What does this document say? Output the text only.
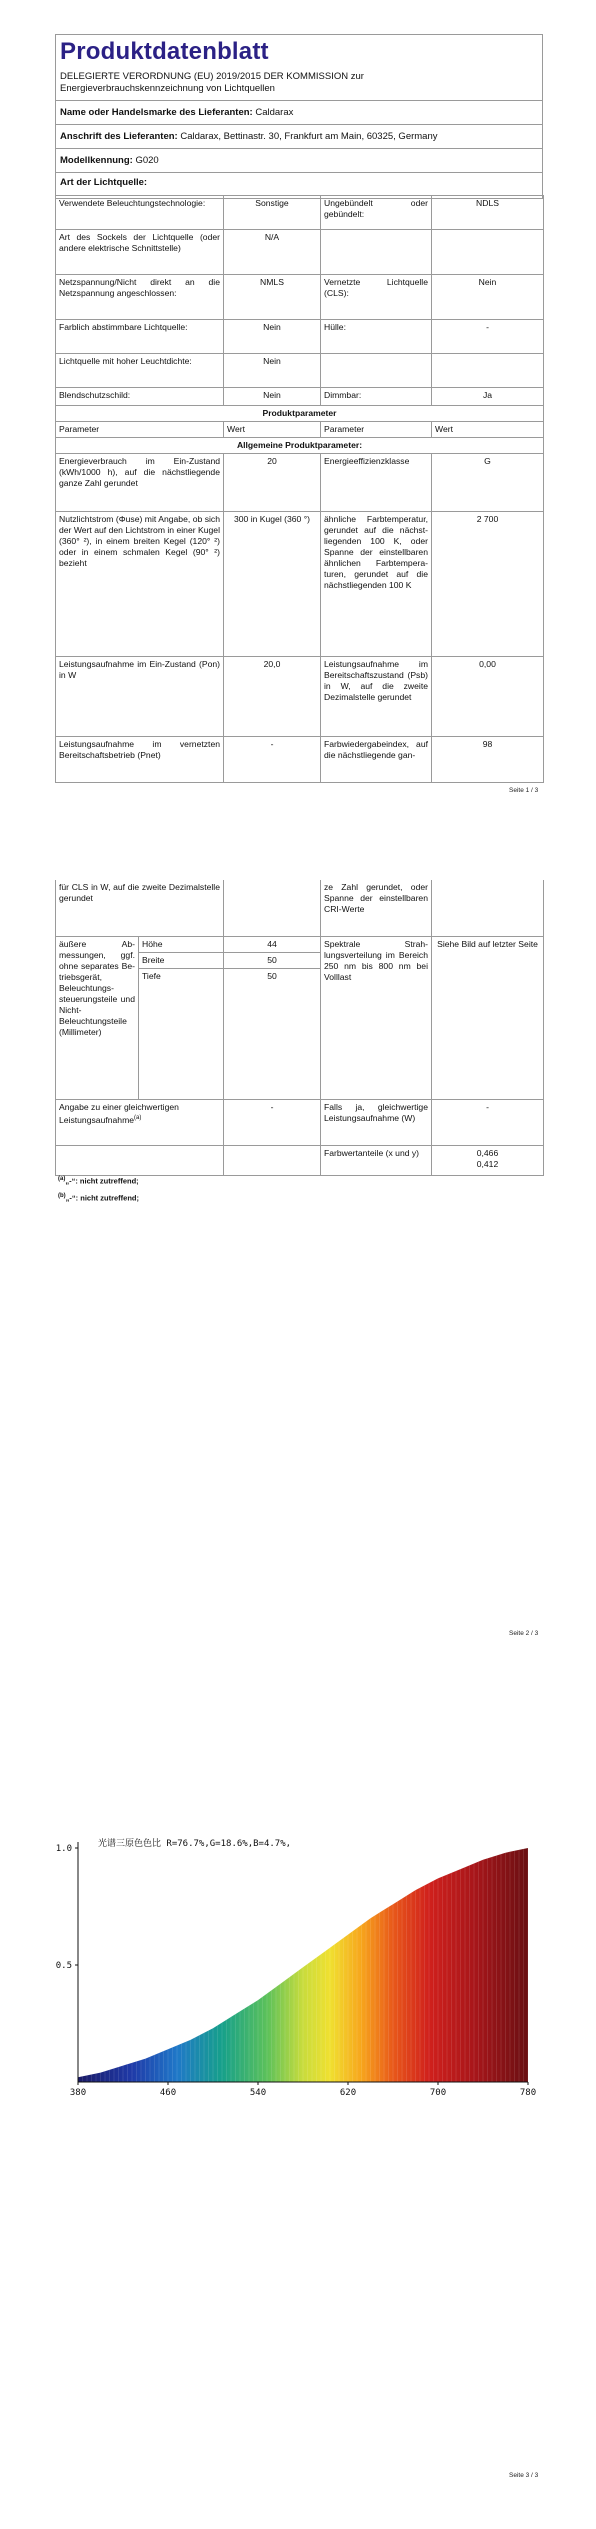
Produktdatenblatt
DELEGIERTE VERORDNUNG (EU) 2019/2015 DER KOMMISSION zur
Energieverbrauchskennzeichnung von Lichtquellen
Name oder Handelsmarke des Lieferanten: Caldarax
Anschrift des Lieferanten: Caldarax, Bettinastr. 30, Frankfurt am Main, 60325, Germany
Modellkennung: G020
Art der Lichtquelle:
Verwendete Beleuchtungstechnologie:	Sonstige	Ungebündelt oder gebündelt:	NDLS
Art des Sockels der Lichtquelle (oder andere elektrische Schnittstelle)	N/A		
Netzspannung/Nicht direkt an die Netzspannung angeschlossen:	NMLS	Vernetzte Lichtquelle (CLS):	Nein
Farblich abstimmbare Lichtquelle:	Nein	Hülle:	-
Lichtquelle mit hoher Leuchtdichte:	Nein		
Blendschutzschild:	Nein	Dimmbar:	Ja
Produktparameter			
Parameter	Wert	Parameter	Wert
Allgemeine Produktparameter:			
Energieverbrauch im Ein-Zustand (kWh/1000 h), auf die nächstliegende ganze Zahl gerundet	20	Energieeffizienzklasse	G
Nutzlichtstrom (Φuse) mit Angabe, ob sich der Wert auf den Lichtstrom in einer Kugel (360° ²), in einem breiten Kegel (120° ²) oder in einem schmalen Kegel (90° ²) bezieht	300 in Kugel (360 °)	ähnliche Farbtemperatur, gerundet auf die nächstliegenden 100 K, oder Spanne der einstellbaren ähnlichen Farbtemperaturen, gerundet auf die nächstliegenden 100 K	2 700
Leistungsaufnahme im Ein-Zustand (Pon) in W	20,0	Leistungsaufnahme im Bereitschaftszustand (Psb) in W, auf die zweite Dezimalstelle gerundet	0,00
Leistungsaufnahme im vernetzten Bereitschaftsbetrieb (Pnet)	-	Farbwiedergabeindex, auf die nächstliegende gan-	98
Seite 1 / 3
für CLS in W, auf die zweite Dezimalstelle gerundet			ze Zahl gerundet, oder Spanne der einstellbaren CRI-Werte	
äußere Abmessungen, ggf. ohne separates Betriebsgerät, Beleuchtungssteuerungsteile und Nicht-Beleuchtungsteile (Millimeter)	Höhe	44	Spektrale Strahlungsverteilung im Bereich 250 nm bis 800 nm bei Volllast	Siehe Bild auf letzter Seite
	Breite	50		
	Tiefe	50		
Angabe zu einer gleichwertigen Leistungsaufnahme$^{(a)}$		-	Falls ja, gleichwertige Leistungsaufnahme (W)	-
			Farbwertanteile (x und y)	0,466
0,412
$^{(a)}$„-“: nicht zutreffend;
$^{(b)}$„-“: nicht zutreffend;
Seite 2 / 3
光谱三原色色比 R=76.7%,G=18.6%,B=4.7%,
380	460	540	620	700	780
1.0
0.5
Seite 3 / 3
